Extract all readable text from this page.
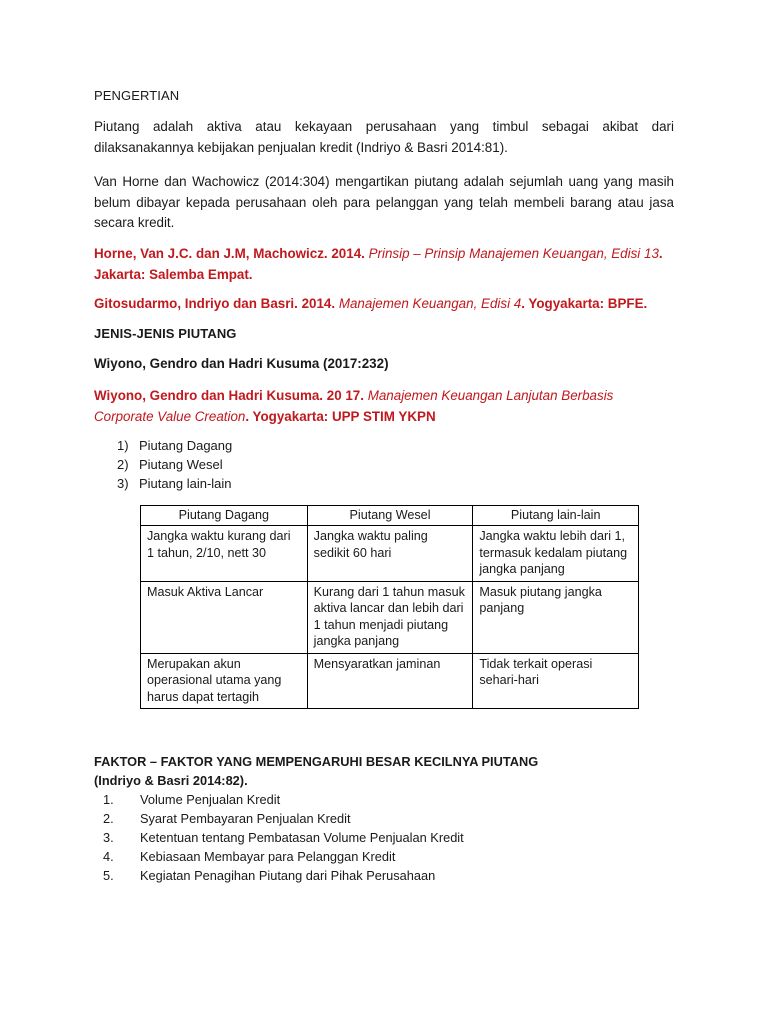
PENGERTIAN
Piutang adalah aktiva atau kekayaan perusahaan yang timbul sebagai akibat dari dilaksanakannya kebijakan penjualan kredit (Indriyo & Basri 2014:81).
Van Horne dan Wachowicz (2014:304) mengartikan piutang adalah sejumlah uang yang masih belum dibayar kepada perusahaan oleh para pelanggan yang telah membeli barang atau jasa secara kredit.
Horne, Van J.C. dan J.M, Machowicz. 2014. Prinsip – Prinsip Manajemen Keuangan, Edisi 13. Jakarta: Salemba Empat.
Gitosudarmo, Indriyo dan Basri. 2014. Manajemen Keuangan, Edisi 4. Yogyakarta: BPFE.
JENIS-JENIS PIUTANG
Wiyono, Gendro dan Hadri Kusuma (2017:232)
Wiyono, Gendro dan Hadri Kusuma. 20 17. Manajemen Keuangan Lanjutan Berbasis Corporate Value Creation. Yogyakarta: UPP STIM YKPN
1) Piutang Dagang
2) Piutang Wesel
3) Piutang lain-lain
Piutang Dagang	Piutang Wesel	Piutang lain-lain
Jangka waktu kurang dari 1 tahun, 2/10, nett 30	Jangka waktu paling sedikit 60 hari	Jangka waktu lebih dari 1, termasuk kedalam piutang jangka panjang
Masuk Aktiva Lancar	Kurang dari 1 tahun masuk aktiva lancar dan lebih dari 1 tahun menjadi piutang jangka panjang	Masuk piutang jangka panjang
Merupakan akun operasional utama yang harus dapat tertagih	Mensyaratkan jaminan	Tidak terkait operasi sehari-hari
FAKTOR – FAKTOR YANG MEMPENGARUHI BESAR KECILNYA PIUTANG
(Indriyo & Basri 2014:82).
1. Volume Penjualan Kredit
2. Syarat Pembayaran Penjualan Kredit
3. Ketentuan tentang Pembatasan Volume Penjualan Kredit
4. Kebiasaan Membayar para Pelanggan Kredit
5. Kegiatan Penagihan Piutang dari Pihak Perusahaan
